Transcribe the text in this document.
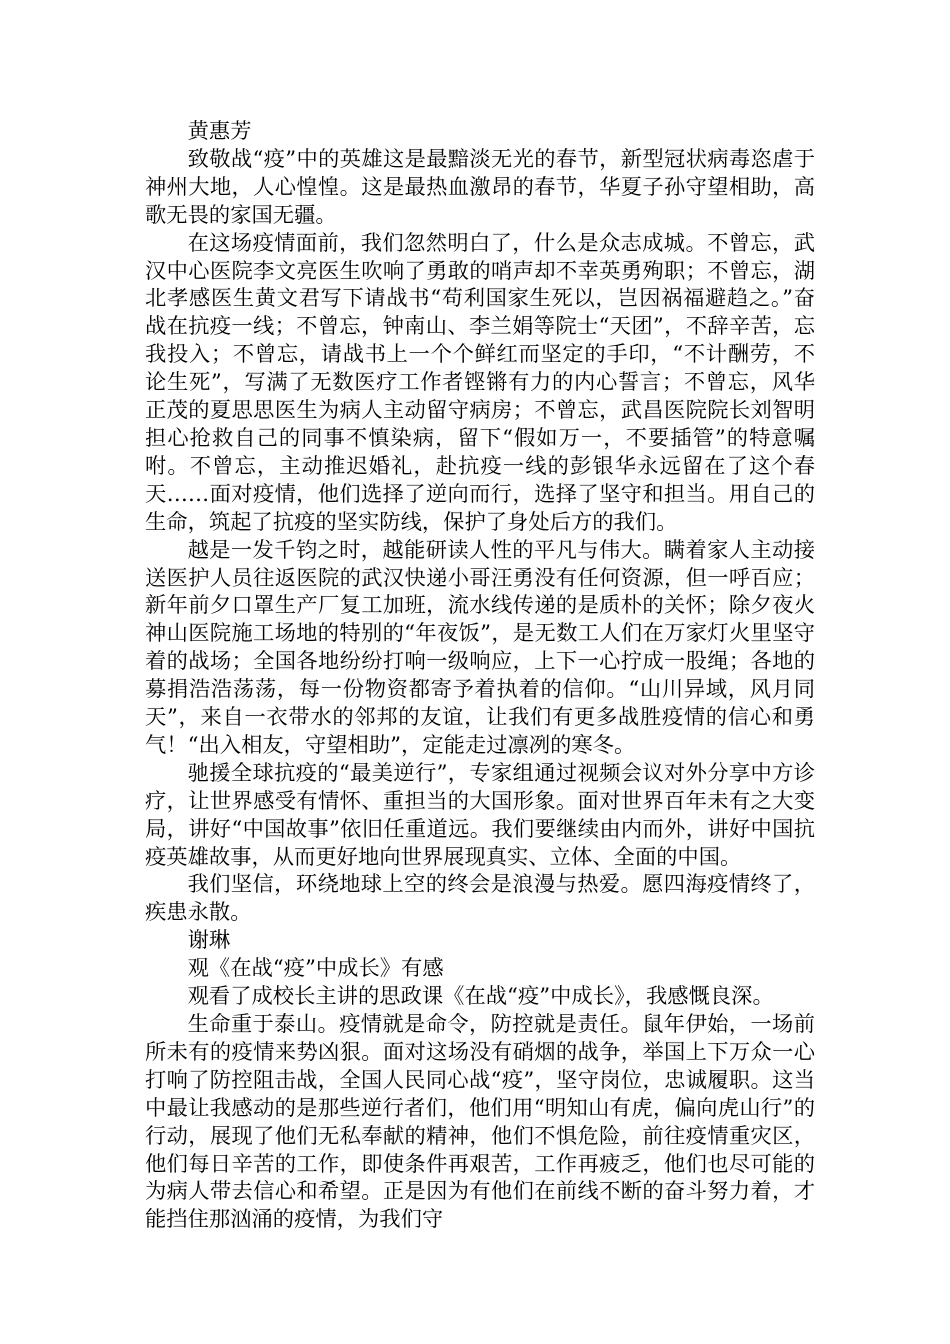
黄惠芳

致敬战“疫”中的英雄这是最黯淡无光的春节，新型冠状病毒恣虐于神州大地，人心惶惶。这是最热血激昂的春节，华夏子孙守望相助，高歌无畏的家国无疆。

在这场疫情面前，我们忽然明白了，什么是众志成城。不曾忘，武汉中心医院李文亮医生吹响了勇敢的哨声却不幸英勇殉职；不曾忘，湖北孝感医生黄文君写下请战书“苟利国家生死以，岂因祸福避趋之。”奋战在抗疫一线；不曾忘，钟南山、李兰娟等院士“天团”，不辞辛苦，忘我投入；不曾忘，请战书上一个个鲜红而坚定的手印，“不计酬劳，不论生死”，写满了无数医疗工作者铿锵有力的内心誓言；不曾忘，风华正茂的夏思思医生为病人主动留守病房；不曾忘，武昌医院院长刘智明担心抢救自己的同事不慎染病，留下“假如万一，不要插管”的特意嘱咐。不曾忘，主动推迟婚礼，赴抗疫一线的彭银华永远留在了这个春天……面对疫情，他们选择了逆向而行，选择了坚守和担当。用自己的生命，筑起了抗疫的坚实防线，保护了身处后方的我们。

越是一发千钧之时，越能研读人性的平凡与伟大。瞒着家人主动接送医护人员往返医院的武汉快递小哥汪勇没有任何资源，但一呼百应；新年前夕口罩生产厂复工加班，流水线传递的是质朴的关怀；除夕夜火神山医院施工场地的特别的“年夜饭”，是无数工人们在万家灯火里坚守着的战场；全国各地纷纷打响一级响应，上下一心拧成一股绳；各地的募捐浩浩荡荡，每一份物资都寄予着执着的信仰。“山川异域，风月同天”，来自一衣带水的邻邦的友谊，让我们有更多战胜疫情的信心和勇气！“出入相友，守望相助”，定能走过凛冽的寒冬。

驰援全球抗疫的“最美逆行”，专家组通过视频会议对外分享中方诊疗，让世界感受有情怀、重担当的大国形象。面对世界百年未有之大变局，讲好“中国故事”依旧任重道远。我们要继续由内而外，讲好中国抗疫英雄故事，从而更好地向世界展现真实、立体、全面的中国。

我们坚信，环绕地球上空的终会是浪漫与热爱。愿四海疫情终了，疾患永散。

谢琳

观《在战“疫”中成长》有感

观看了成校长主讲的思政课《在战“疫”中成长》，我感慨良深。

生命重于泰山。疫情就是命令，防控就是责任。鼠年伊始，一场前所未有的疫情来势凶狠。面对这场没有硝烟的战争，举国上下万众一心打响了防控阻击战，全国人民同心战“疫”，坚守岗位，忠诚履职。这当中最让我感动的是那些逆行者们，他们用“明知山有虎，偏向虎山行”的行动，展现了他们无私奉献的精神，他们不惧危险，前往疫情重灾区，他们每日辛苦的工作，即使条件再艰苦，工作再疲乏，他们也尽可能的为病人带去信心和希望。正是因为有他们在前线不断的奋斗努力着，才能挡住那汹涌的疫情，为我们守
